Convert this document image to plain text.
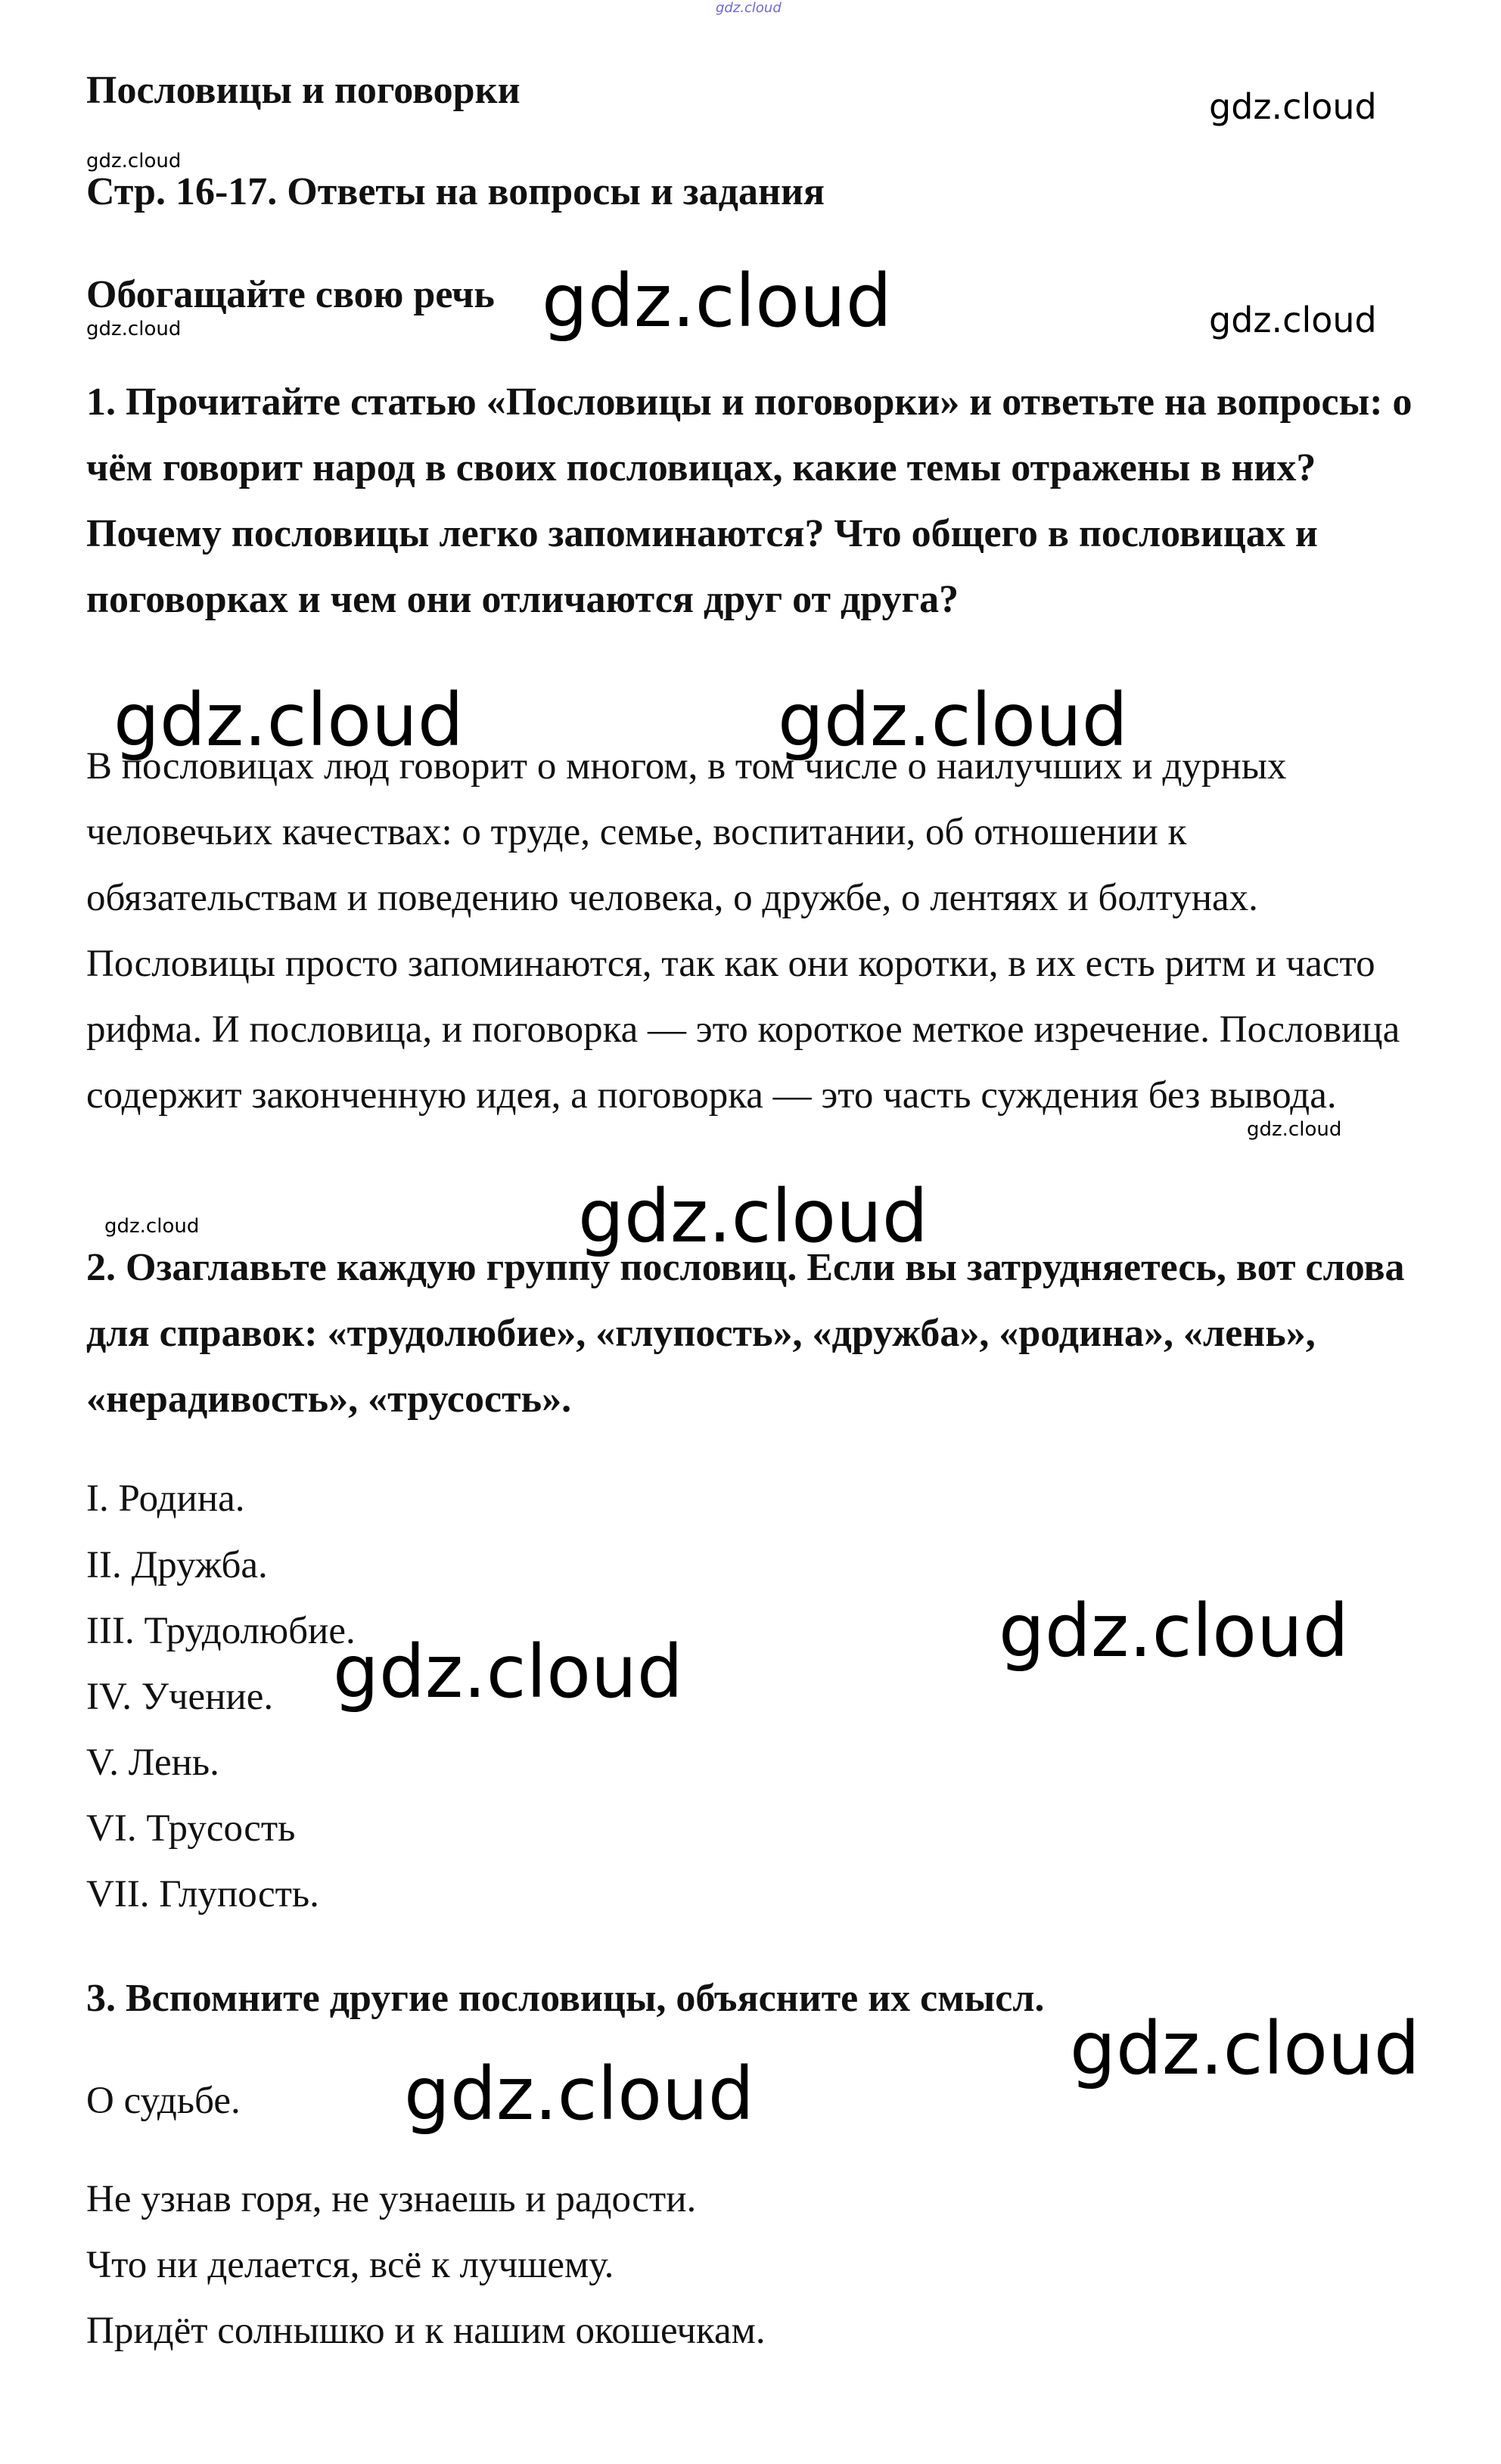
gdz.cloud
gdz.cloud
gdz.cloud
gdz.cloud
gdz.cloud	gdz.cloud
gdz.cloud	gdz.cloud
gdz.cloud
gdz.cloud	gdz.cloud
gdz.cloud
gdz.cloud
gdz.cloud
gdz.cloud

Пословицы и поговорки

Стр. 16-17. Ответы на вопросы и задания

Обогащайте свою речь

1. Прочитайте статью «Пословицы и поговорки» и ответьте на вопросы: о чём говорит народ в своих пословицах, какие темы отражены в них? Почему пословицы легко запоминаются? Что общего в пословицах и поговорках и чем они отличаются друг от друга?

В пословицах люд говорит о многом, в том числе о наилучших и дурных человечьих качествах: о труде, семье, воспитании, об отношении к обязательствам и поведению человека, о дружбе, о лентяях и болтунах. Пословицы просто запоминаются, так как они коротки, в их есть ритм и часто рифма. И пословица, и поговорка — это короткое меткое изречение. Пословица содержит законченную идея, а поговорка — это часть суждения без вывода.

2. Озаглавьте каждую группу пословиц. Если вы затрудняетесь, вот слова для справок: «трудолюбие», «глупость», «дружба», «родина», «лень», «нерадивость», «трусость».

I. Родина.

II. Дружба.

III. Трудолюбие.

IV. Учение.

V. Лень.

VI. Трусость

VII. Глупость.

3. Вспомните другие пословицы, объясните их смысл.

О судьбе.

Не узнав горя, не узнаешь и радости.

Что ни делается, всё к лучшему.

Придёт солнышко и к нашим окошечкам.
